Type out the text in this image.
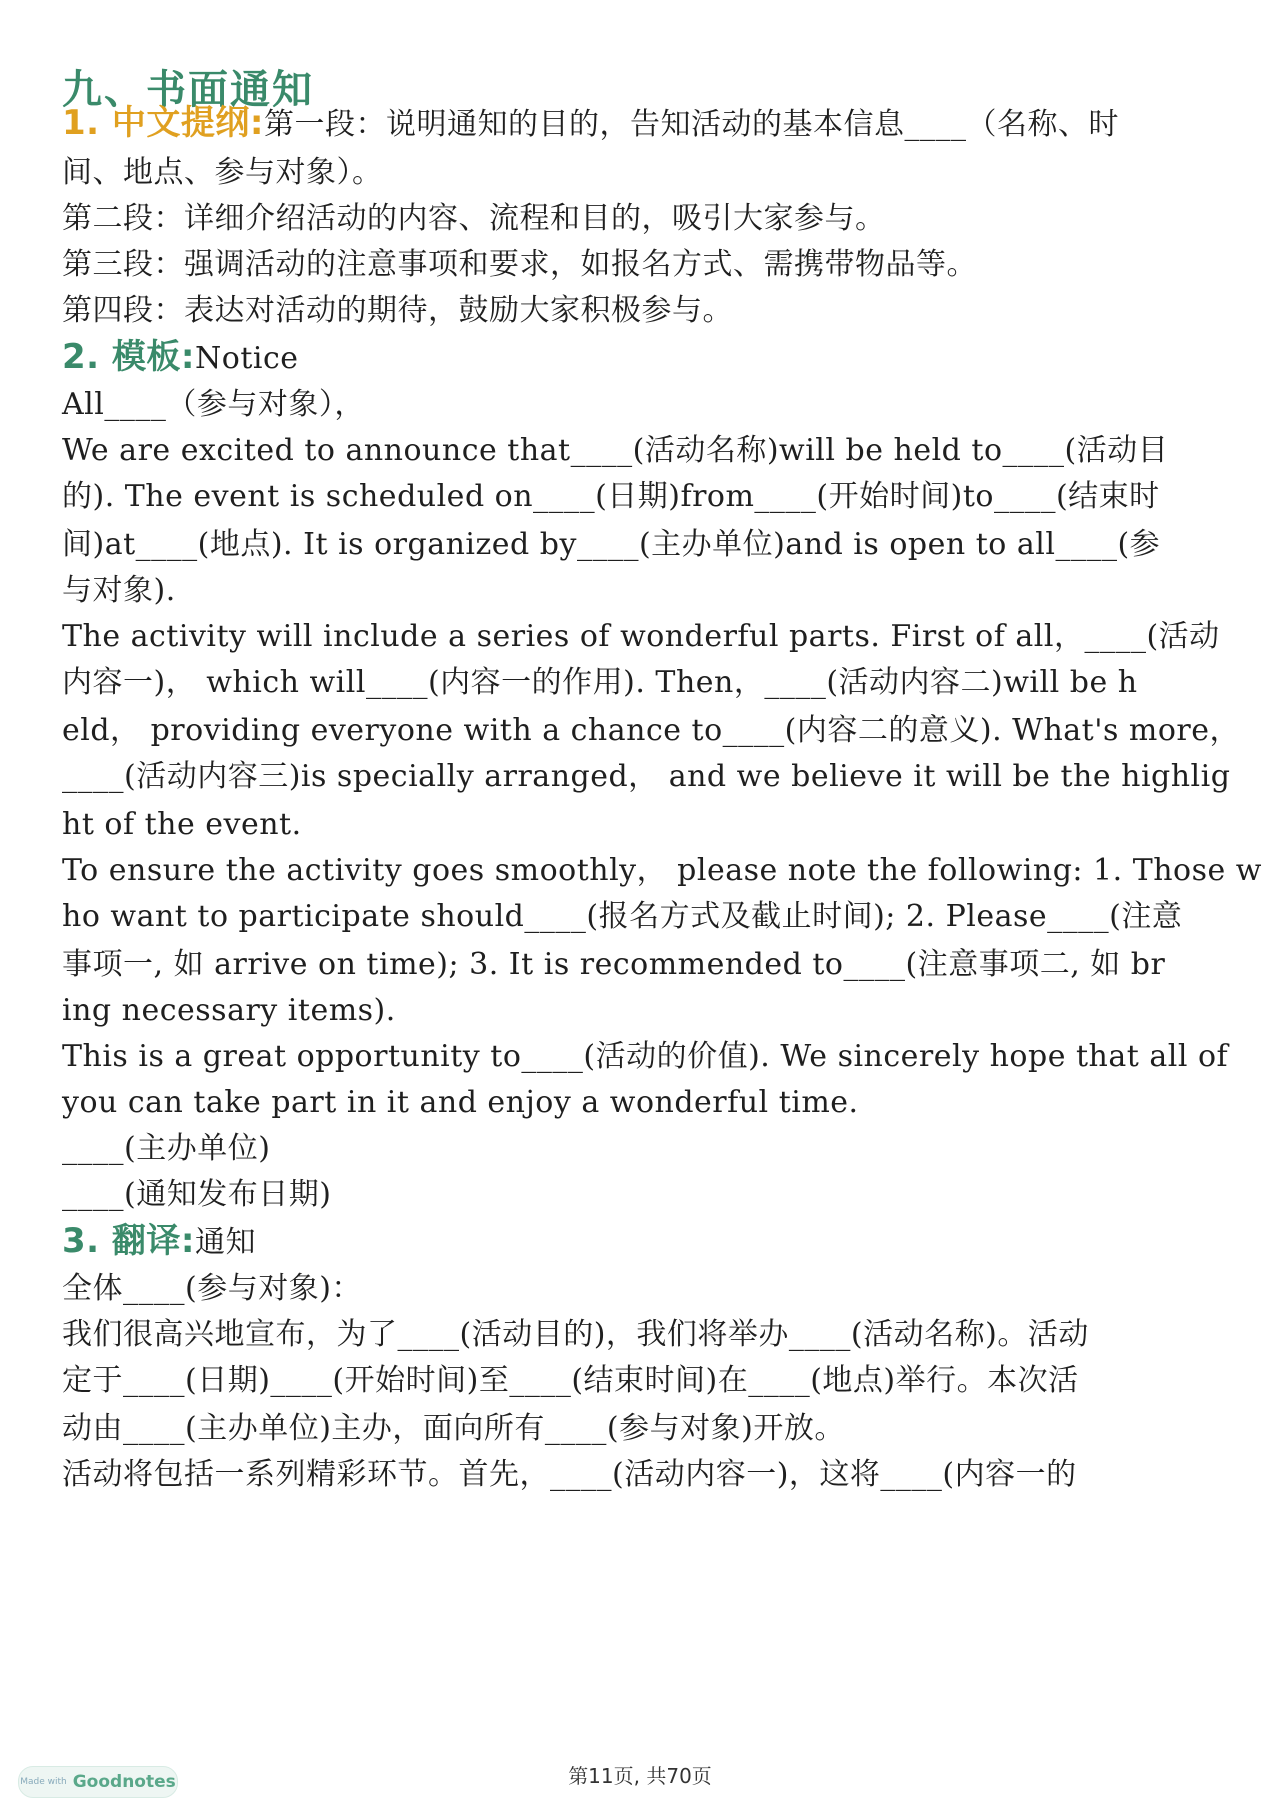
九、书面通知
1. 中文提纲:第一段：说明通知的目的，告知活动的基本信息____（名称、时
间、地点、参与对象）。
第二段：详细介绍活动的内容、流程和目的，吸引大家参与。
第三段：强调活动的注意事项和要求，如报名方式、需携带物品等。
第四段：表达对活动的期待，鼓励大家积极参与。
2. 模板:Notice
All____（参与对象），
We are excited to announce that____(活动名称)will be held to____(活动目
的). The event is scheduled on____(日期)from____(开始时间)to____(结束时
间)at____(地点). It is organized by____(主办单位)and is open to all____(参
与对象).
The activity will include a series of wonderful parts. First of all，____(活动
内容一)， which will____(内容一的作用). Then，____(活动内容二)will be h
eld， providing everyone with a chance to____(内容二的意义). What's more，
____(活动内容三)is specially arranged， and we believe it will be the highlig
ht of the event.
To ensure the activity goes smoothly， please note the following: 1. Those w
ho want to participate should____(报名方式及截止时间); 2. Please____(注意
事项一, 如 arrive on time); 3. It is recommended to____(注意事项二, 如 br
ing necessary items).
This is a great opportunity to____(活动的价值). We sincerely hope that all of
you can take part in it and enjoy a wonderful time.
____(主办单位)
____(通知发布日期)
3. 翻译:通知
全体____(参与对象)：
我们很高兴地宣布，为了____(活动目的)，我们将举办____(活动名称)。活动
定于____(日期)____(开始时间)至____(结束时间)在____(地点)举行。本次活
动由____(主办单位)主办，面向所有____(参与对象)开放。
活动将包括一系列精彩环节。首先，____(活动内容一)，这将____(内容一的
Made with Goodnotes	第11页, 共70页
